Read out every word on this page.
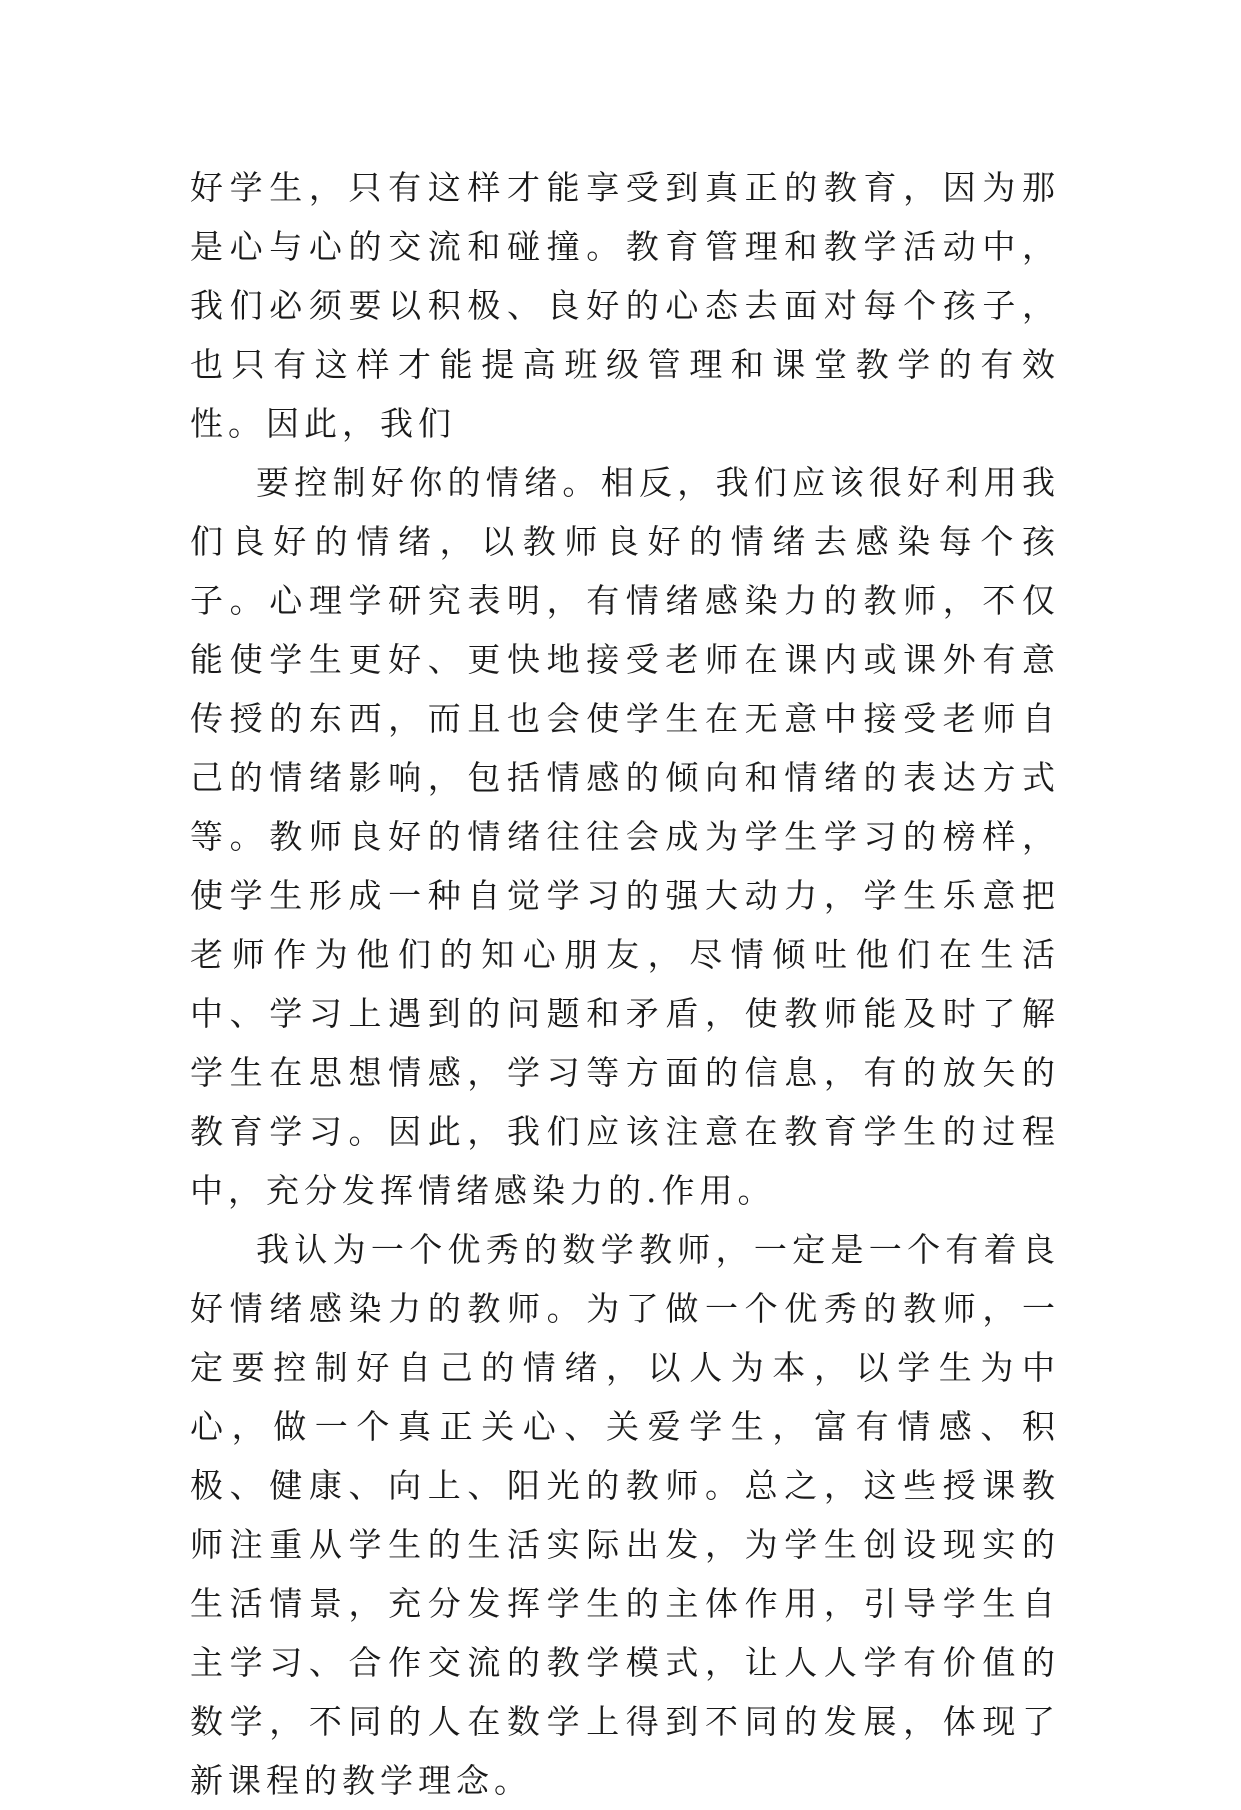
好学生，只有这样才能享受到真正的教育，因为那是心与心的交流和碰撞。教育管理和教学活动中，我们必须要以积极、良好的心态去面对每个孩子，也只有这样才能提高班级管理和课堂教学的有效性。因此，我们

要控制好你的情绪。相反，我们应该很好利用我们良好的情绪，以教师良好的情绪去感染每个孩子。心理学研究表明，有情绪感染力的教师，不仅能使学生更好、更快地接受老师在课内或课外有意传授的东西，而且也会使学生在无意中接受老师自己的情绪影响，包括情感的倾向和情绪的表达方式等。教师良好的情绪往往会成为学生学习的榜样，使学生形成一种自觉学习的强大动力，学生乐意把老师作为他们的知心朋友，尽情倾吐他们在生活中、学习上遇到的问题和矛盾，使教师能及时了解学生在思想情感，学习等方面的信息，有的放矢的教育学习。因此，我们应该注意在教育学生的过程中，充分发挥情绪感染力的.作用。

我认为一个优秀的数学教师，一定是一个有着良好情绪感染力的教师。为了做一个优秀的教师，一定要控制好自己的情绪，以人为本，以学生为中心，做一个真正关心、关爱学生，富有情感、积极、健康、向上、阳光的教师。总之，这些授课教师注重从学生的生活实际出发，为学生创设现实的生活情景，充分发挥学生的主体作用，引导学生自主学习、合作交流的教学模式，让人人学有价值的数学，不同的人在数学上得到不同的发展，体现了新课程的教学理念。
